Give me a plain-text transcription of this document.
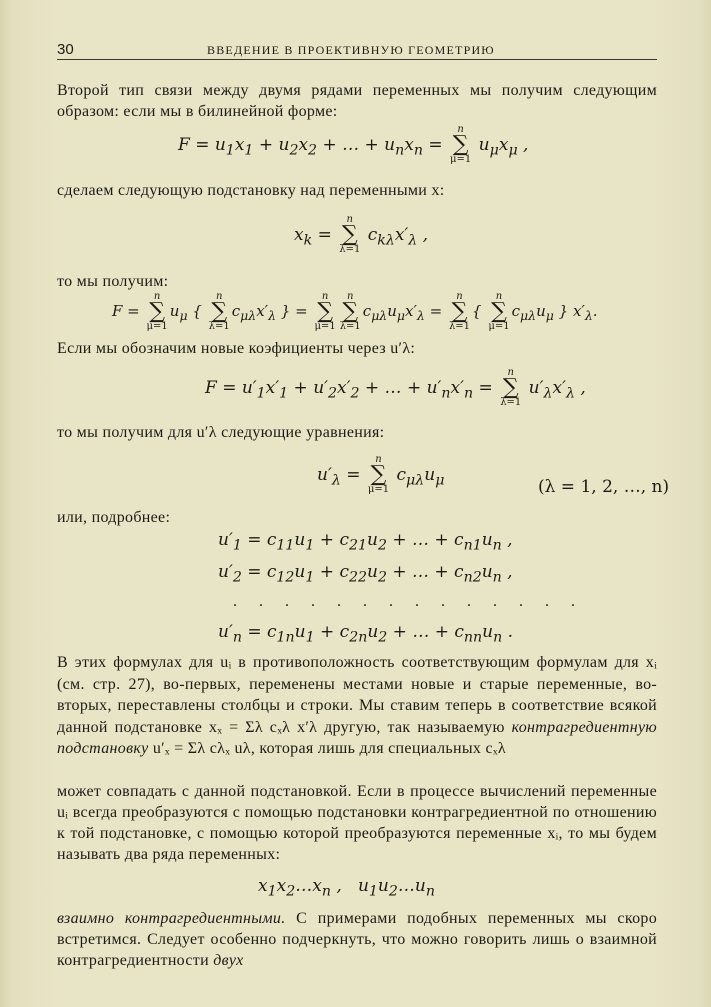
30	ВВЕДЕНИЕ В ПРОЕКТИВНУЮ ГЕОМЕТРИЮ
Второй тип связи между двумя рядами переменных мы получим следующим образом: если мы в билинейной форме:
$F = u_1x_1 + u_2x_2$ + … + $u_nx_n$ =
n
∑
μ=1
$u_\mu x_\mu$ ,
сделаем следующую подстановку над переменными x:
$x_k$ =
n
∑
λ=1
$c_{k\lambda}x'_\lambda$ ,
то мы получим:
F =
n
∑
μ=1
$u_\mu$ {
n
∑
λ=1
$c_{\mu\lambda}x'_\lambda$ } =
n
∑
μ=1
n
∑
λ=1
$c_{\mu\lambda}u_\mu x'_\lambda$ =
n
∑
λ=1
{
n
∑
μ=1
$c_{\mu\lambda}u_\mu$ } $x'_\lambda$.
Если мы обозначим новые коэфициенты через u′λ:
$F = u'_1x'_1 + u'_2x'_2$ + … + $u'_nx'_n$ =
n
∑
λ=1
$u'_\lambda x'_\lambda$ ,
то мы получим для u′λ следующие уравнения:
$u'_\lambda$ =
n
∑
μ=1
$c_{\mu\lambda}u_\mu$	(λ = 1, 2, …, n)
или, подробнее:
$u'_1 = c_{11}u_1 + c_{21}u_2$ + … + $c_{n1}u_n$ ,
$u'_2 = c_{12}u_1 + c_{22}u_2$ + … + $c_{n2}u_n$ ,
. . . . . . . . . . . . . .
$u'_n = c_{1n}u_1 + c_{2n}u_2$ + … + $c_{nn}u_n$ .
В этих формулах для uᵢ в противоположность соответствующим формулам для xᵢ (см. стр. 27), во-первых, переменены местами новые и старые переменные, во-вторых, переставлены столбцы и строки. Мы ставим теперь в соответствие всякой данной подстановке xₓ = Σλ cₓλ x′λ другую, так называемую контрагредиентную подстановку u′ₓ = Σλ cλₓ uλ, которая лишь для специальных cₓλ
может совпадать с данной подстановкой. Если в процессе вычислений переменные uᵢ всегда преобразуются с помощью подстановки контрагредиентной по отношению к той подстановке, с помощью которой преобразуются переменные xᵢ, то мы будем называть два ряда переменных:
$x_1x_2\dots x_n$ ,   $u_1u_2\dots u_n$
взаимно контрагредиентными. С примерами подобных переменных мы скоро встретимся. Следует особенно подчеркнуть, что можно говорить лишь о взаимной контрагредиентности двух
